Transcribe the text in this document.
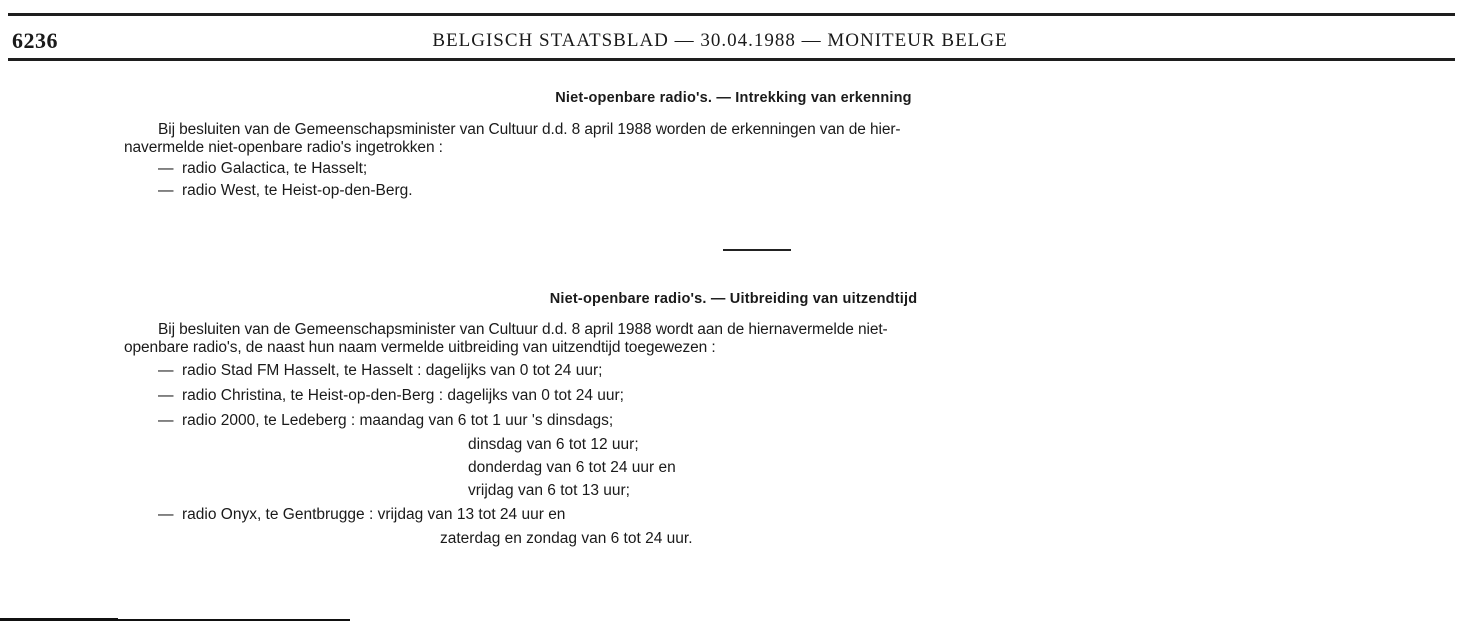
6236	BELGISCH STAATSBLAD — 30.04.1988 — MONITEUR BELGE
Niet-openbare radio's. — Intrekking van erkenning
Bij besluiten van de Gemeenschapsminister van Cultuur d.d. 8 april 1988 worden de erkenningen van de hier-
navermelde niet-openbare radio's ingetrokken :
— radio Galactica, te Hasselt;
— radio West, te Heist-op-den-Berg.
Niet-openbare radio's. — Uitbreiding van uitzendtijd
Bij besluiten van de Gemeenschapsminister van Cultuur d.d. 8 april 1988 wordt aan de hiernavermelde niet-
openbare radio's, de naast hun naam vermelde uitbreiding van uitzendtijd toegewezen :
— radio Stad FM Hasselt, te Hasselt : dagelijks van 0 tot 24 uur;
— radio Christina, te Heist-op-den-Berg : dagelijks van 0 tot 24 uur;
— radio 2000, te Ledeberg : maandag van 6 tot 1 uur 's dinsdags;
dinsdag van 6 tot 12 uur;
donderdag van 6 tot 24 uur en
vrijdag van 6 tot 13 uur;
— radio Onyx, te Gentbrugge : vrijdag van 13 tot 24 uur en
zaterdag en zondag van 6 tot 24 uur.
